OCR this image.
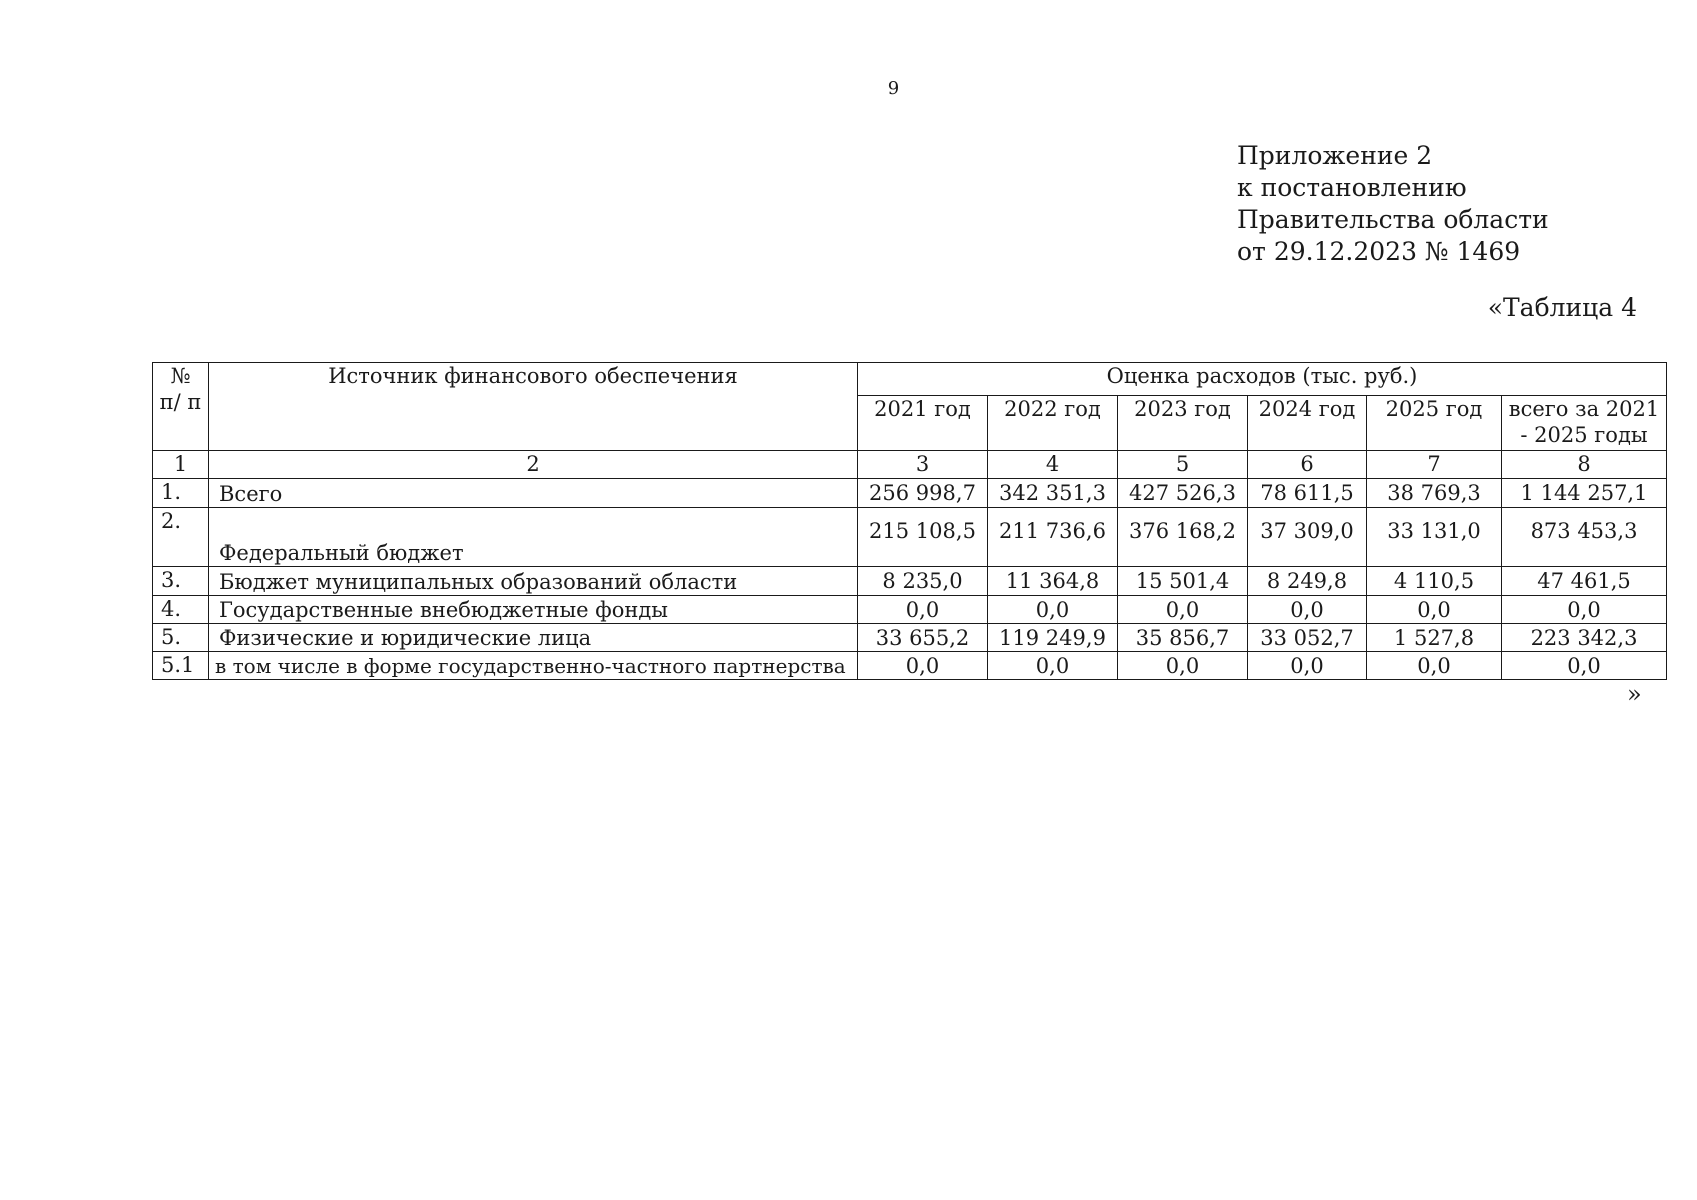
9
Приложение 2
к постановлению
Правительства области
от 29.12.2023 № 1469
«Таблица 4
№ п/ п	Источник финансового обеспечения	Оценка расходов (тыс. руб.)					
		2021 год	2022 год	2023 год	2024 год	2025 год	всего за 2021 - 2025 годы
1	2	3	4	5	6	7	8
1.	Всего	256 998,7	342 351,3	427 526,3	78 611,5	38 769,3	1 144 257,1
2.	Федеральный бюджет	215 108,5	211 736,6	376 168,2	37 309,0	33 131,0	873 453,3
3.	Бюджет муниципальных образований области	8 235,0	11 364,8	15 501,4	8 249,8	4 110,5	47 461,5
4.	Государственные внебюджетные фонды	0,0	0,0	0,0	0,0	0,0	0,0
5.	Физические и юридические лица	33 655,2	119 249,9	35 856,7	33 052,7	1 527,8	223 342,3
5.1	в том числе в форме государственно-частного партнерства	0,0	0,0	0,0	0,0	0,0	0,0
»
